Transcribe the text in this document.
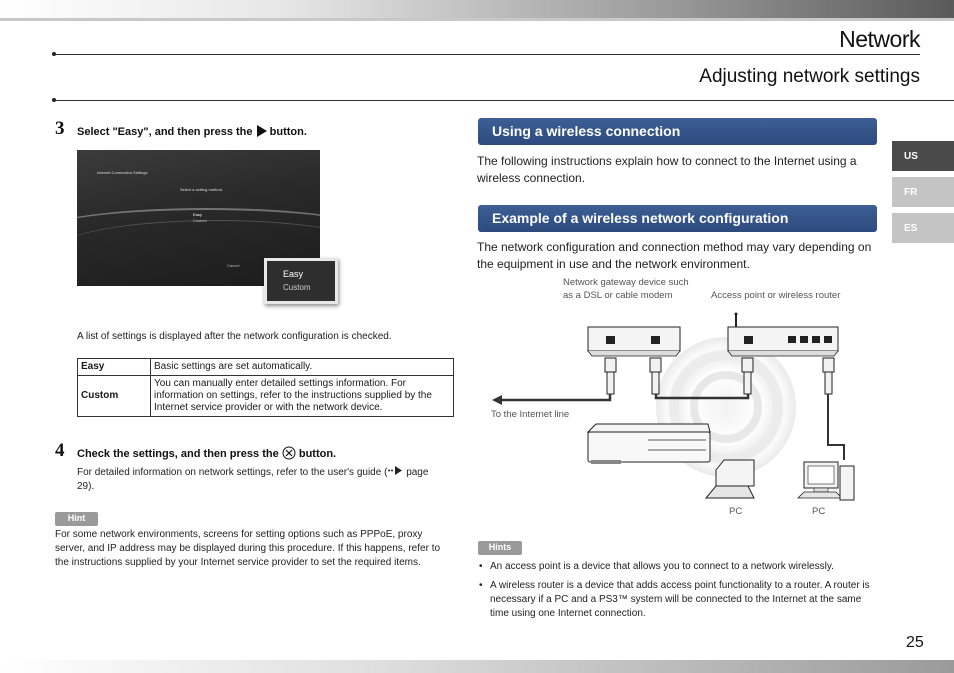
Network
Adjusting network settings
US
FR
ES
3 Select "Easy", and then press the button.
Internet Connection Settings
Select a setting method.
Easy
Custom
Cancel
Easy
Custom
A list of settings is displayed after the network configuration is checked.
Easy	Basic settings are set automatically.
Custom	You can manually enter detailed settings information. For information on settings, refer to the instructions supplied by the Internet service provider or with the network device.
4 Check the settings, and then press the button.
For detailed information on network settings, refer to the user's guide ( page 29).
Hint
For some network environments, screens for setting options such as PPPoE, proxy server, and IP address may be displayed during this procedure. If this happens, refer to the instructions supplied by your Internet service provider to set the required items.
Using a wireless connection
The following instructions explain how to connect to the Internet using a wireless connection.
Example of a wireless network configuration
The network configuration and connection method may vary depending on the equipment in use and the network environment.
Network gateway device such as a DSL or cable modem	Access point or wireless router
To the Internet line
PC	PC
Hints
• An access point is a device that allows you to connect to a network wirelessly.
• A wireless router is a device that adds access point functionality to a router. A router is necessary if a PC and a PS3™ system will be connected to the Internet at the same time using one Internet connection.
25
